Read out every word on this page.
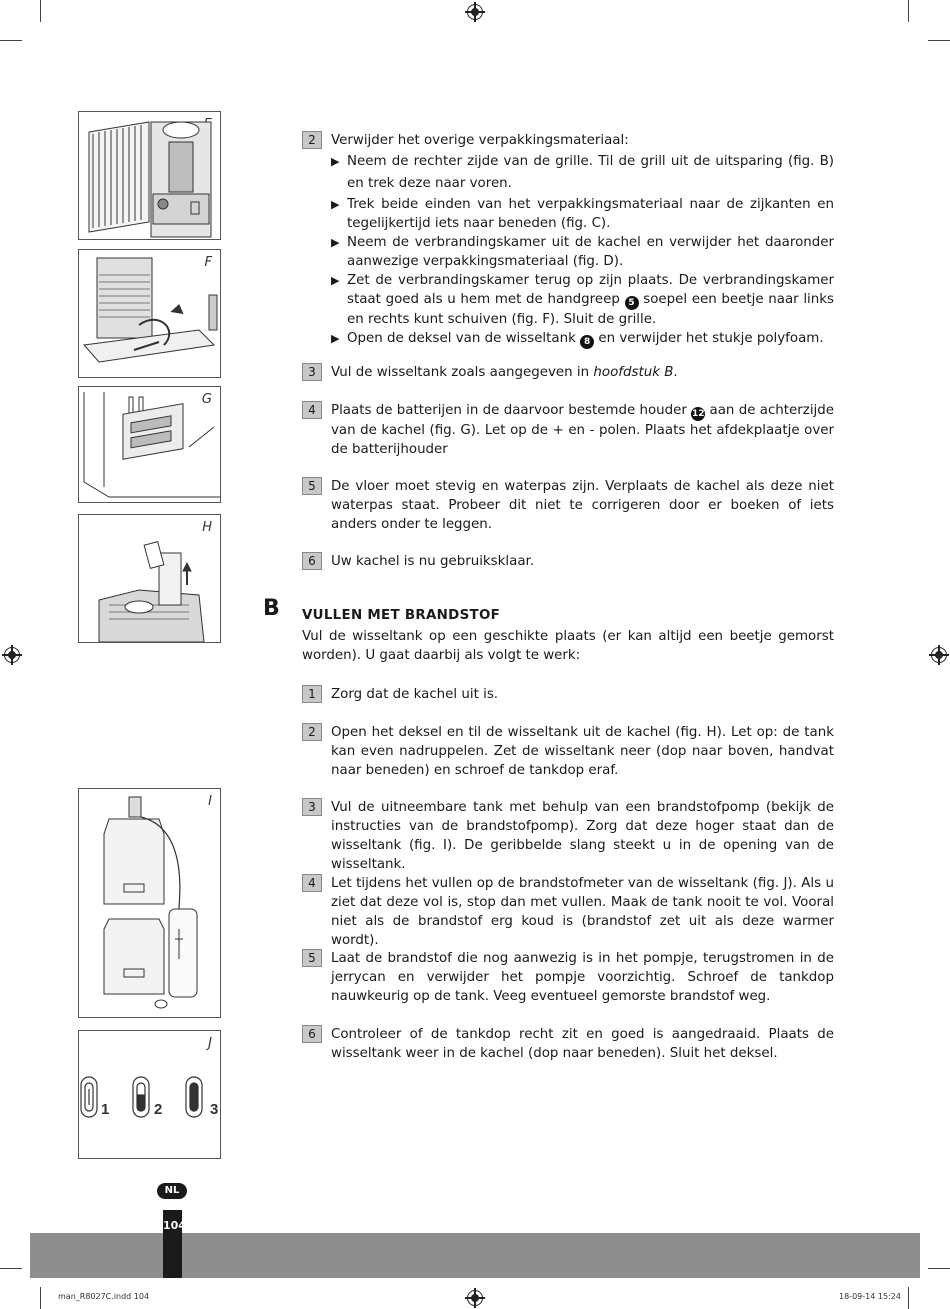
F
G
H
I
J
1	2	3
2	Verwijder het overige verpakkingsmateriaal:
▶ Neem de rechter zijde van de grille. Til de grill uit de uitsparing (fig. B) en trek deze naar voren.
▶ Trek beide einden van het verpakkingsmateriaal naar de zijkanten en tegelijkertijd iets naar beneden (fig. C).
▶ Neem de verbrandingskamer uit de kachel en verwijder het daaronder aanwezige verpakkingsmateriaal (fig. D).
▶ Zet de verbrandingskamer terug op zijn plaats. De verbrandingskamer staat goed als u hem met de handgreep 5 soepel een beetje naar links en rechts kunt schuiven (fig. F). Sluit de grille.
▶ Open de deksel van de wisseltank 8 en verwijder het stukje polyfoam.
3	Vul de wisseltank zoals aangegeven in hoofdstuk B.
4	Plaats de batterijen in de daarvoor bestemde houder 12 aan de achterzijde van de kachel (fig. G). Let op de + en - polen. Plaats het afdekplaatje over de batterijhouder
5	De vloer moet stevig en waterpas zijn. Verplaats de kachel als deze niet waterpas staat. Probeer dit niet te corrigeren door er boeken of iets anders onder te leggen.
6	Uw kachel is nu gebruiksklaar.
B VULLEN MET BRANDSTOF
Vul de wisseltank op een geschikte plaats (er kan altijd een beetje gemorst worden). U gaat daarbij als volgt te werk:
1	Zorg dat de kachel uit is.
2	Open het deksel en til de wisseltank uit de kachel (fig. H). Let op: de tank kan even nadruppelen. Zet de wisseltank neer (dop naar boven, handvat naar beneden) en schroef de tankdop eraf.
3	Vul de uitneembare tank met behulp van een brandstofpomp (bekijk de instructies van de brandstofpomp). Zorg dat deze hoger staat dan de wisseltank (fig. I). De geribbelde slang steekt u in de opening van de wisseltank.
4	Let tijdens het vullen op de brandstofmeter van de wisseltank (fig. J). Als u ziet dat deze vol is, stop dan met vullen. Maak de tank nooit te vol. Vooral niet als de brandstof erg koud is (brandstof zet uit als deze warmer wordt).
5	Laat de brandstof die nog aanwezig is in het pompje, terugstromen in de jerrycan en verwijder het pompje voorzichtig. Schroef de tankdop nauwkeurig op de tank. Veeg eventueel gemorste brandstof weg.
6	Controleer of de tankdop recht zit en goed is aangedraaid. Plaats de wisseltank weer in de kachel (dop naar beneden). Sluit het deksel.
NL
104
man_R8027C.indd 104	18-09-14 15:24
